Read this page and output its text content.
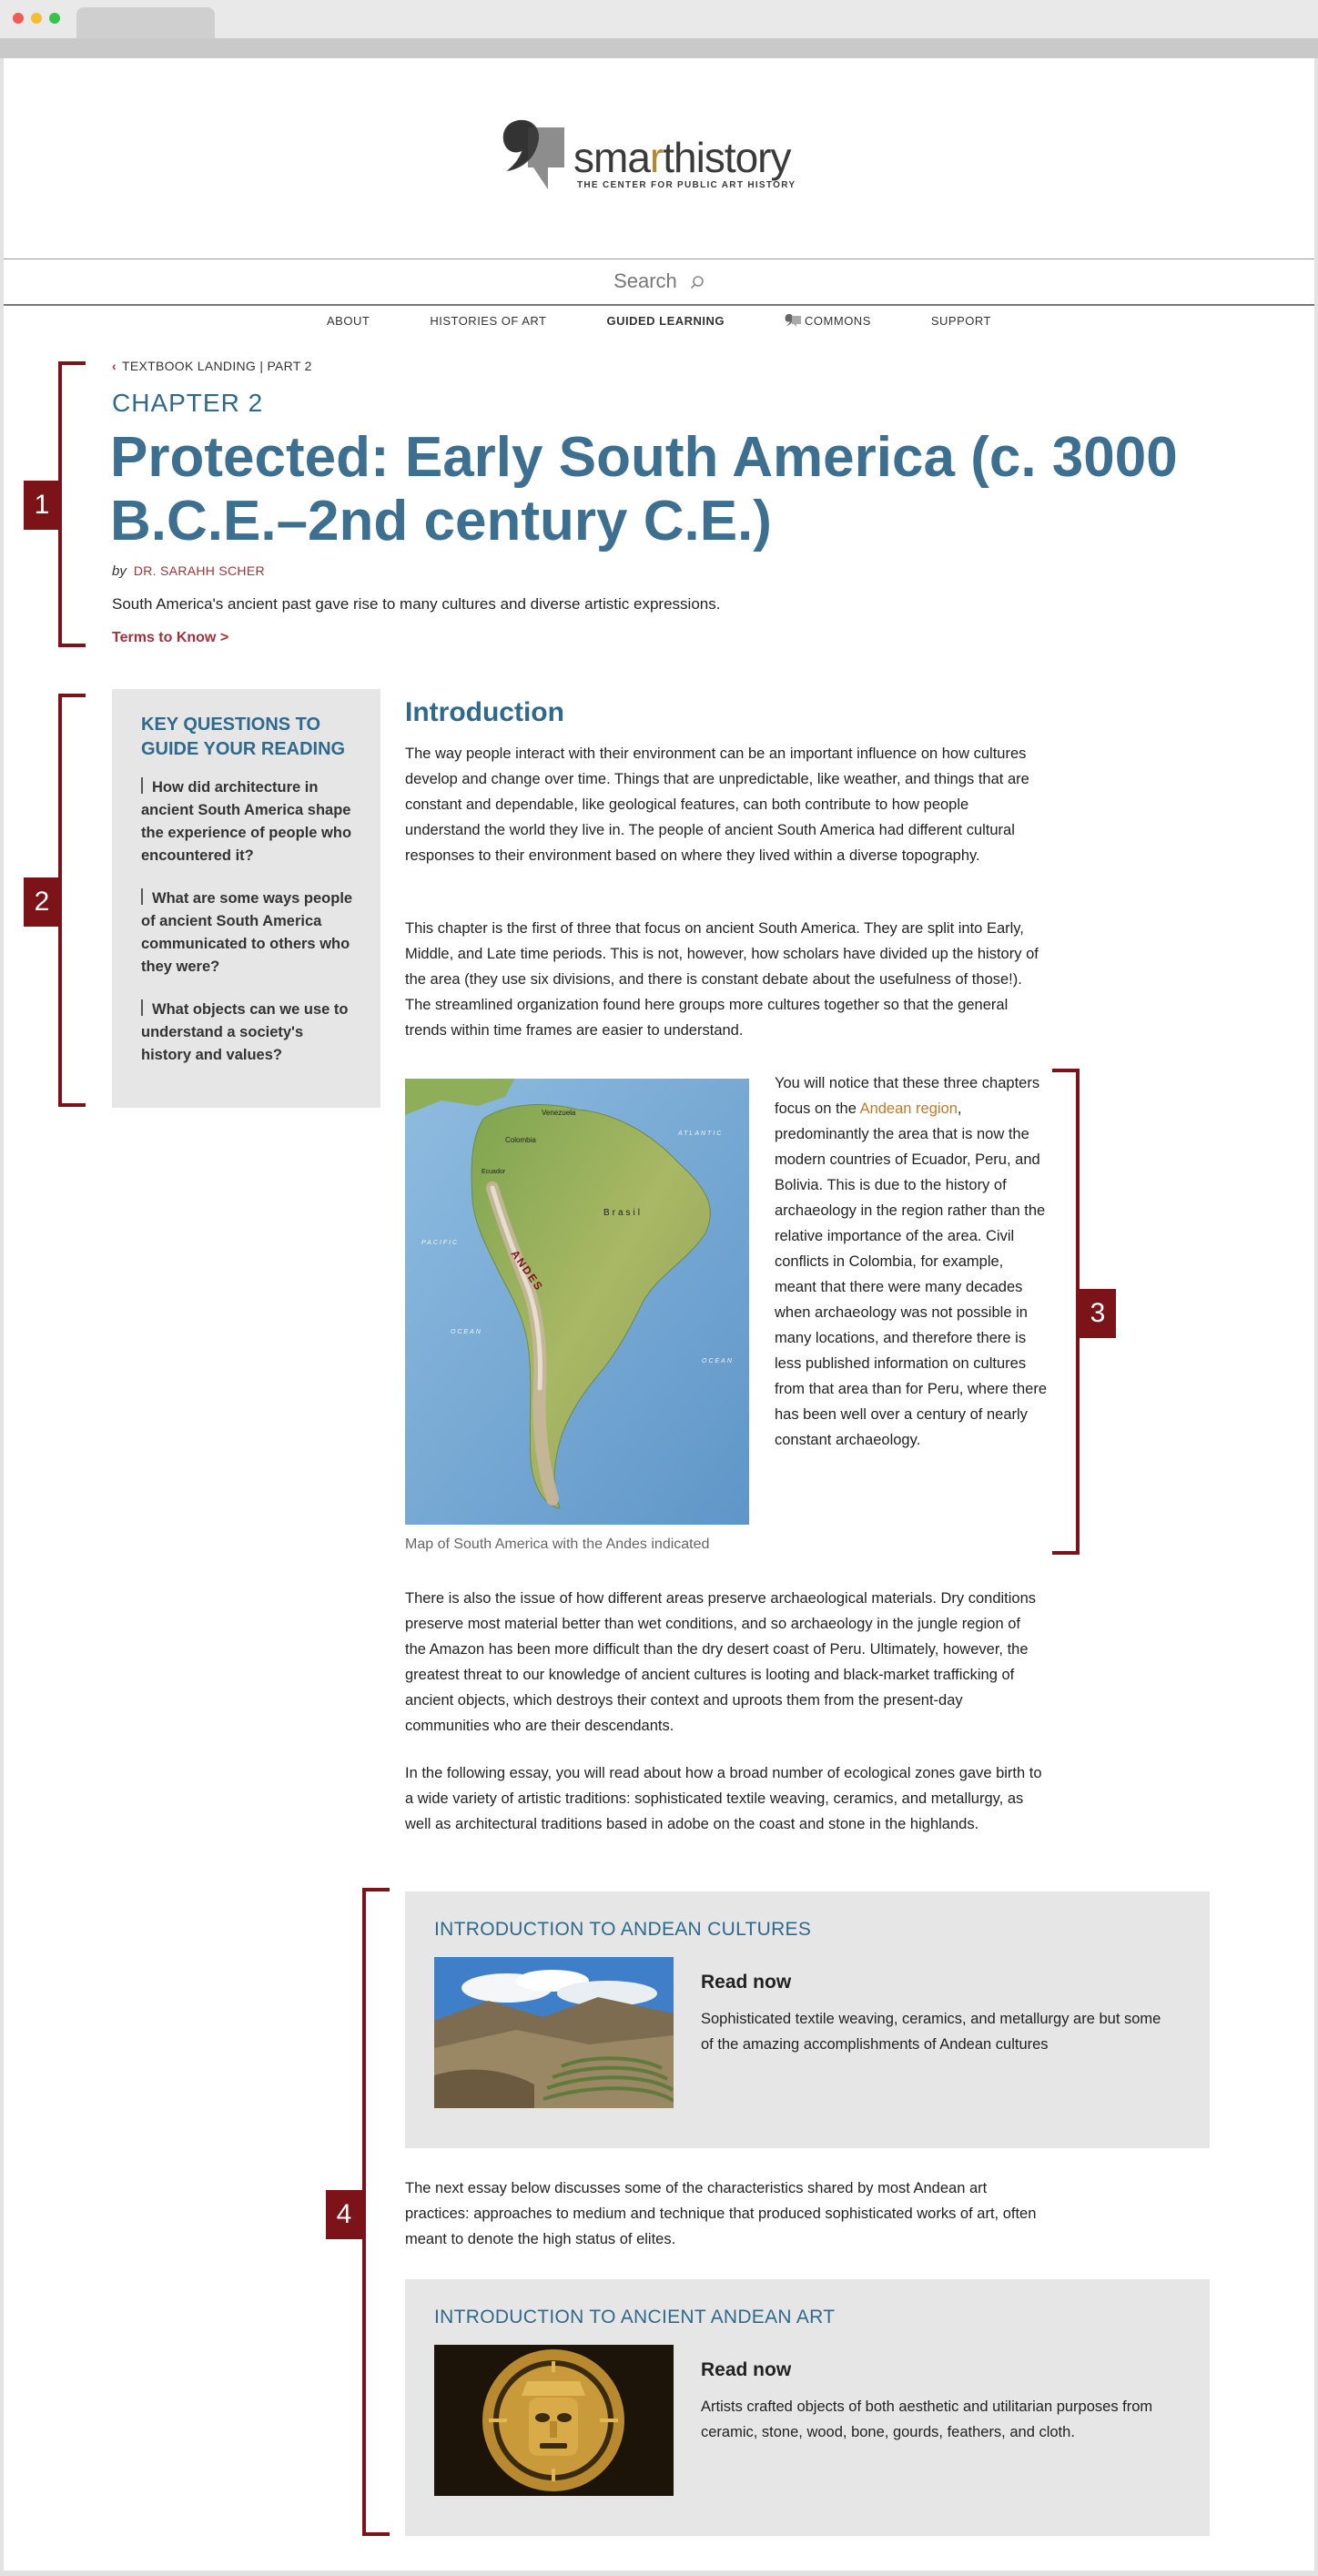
smarthistory
THE CENTER FOR PUBLIC ART HISTORY
Search
ABOUT	HISTORIES OF ART	GUIDED LEARNING	COMMONS	SUPPORT
1
‹ TEXTBOOK LANDING | PART 2
CHAPTER 2
Protected: Early South America (c. 3000 B.C.E.–2nd century C.E.)
by DR. SARAHH SCHER

South America's ancient past gave rise to many cultures and diverse artistic expressions.

Terms to Know >
2
KEY QUESTIONS TO GUIDE YOUR READING
How did architecture in ancient South America shape the experience of people who encountered it?
What are some ways people of ancient South America communicated to others who they were?
What objects can we use to understand a society's history and values?
Introduction

The way people interact with their environment can be an important influence on how cultures develop and change over time. Things that are unpredictable, like weather, and things that are constant and dependable, like geological features, can both contribute to how people understand the world they live in. The people of ancient South America had different cultural responses to their environment based on where they lived within a diverse topography.

This chapter is the first of three that focus on ancient South America. They are split into Early, Middle, and Late time periods. This is not, however, how scholars have divided up the history of the area (they use six divisions, and there is constant debate about the usefulness of those!). The streamlined organization found here groups more cultures together so that the general trends within time frames are easier to understand.

Venezuela
Colombia
Ecuador
Brasil
ANDES
ATLANTIC
PACIFIC
OCEAN
OCEAN
Map of South America with the Andes indicated

You will notice that these three chapters focus on the Andean region, predominantly the area that is now the modern countries of Ecuador, Peru, and Bolivia. This is due to the history of archaeology in the region rather than the relative importance of the area. Civil conflicts in Colombia, for example, meant that there were many decades when archaeology was not possible in many locations, and therefore there is less published information on cultures from that area than for Peru, where there has been well over a century of nearly constant archaeology.

3

There is also the issue of how different areas preserve archaeological materials. Dry conditions preserve most material better than wet conditions, and so archaeology in the jungle region of the Amazon has been more difficult than the dry desert coast of Peru. Ultimately, however, the greatest threat to our knowledge of ancient cultures is looting and black-market trafficking of ancient objects, which destroys their context and uproots them from the present-day communities who are their descendants.

In the following essay, you will read about how a broad number of ecological zones gave birth to a wide variety of artistic traditions: sophisticated textile weaving, ceramics, and metallurgy, as well as architectural traditions based in adobe on the coast and stone in the highlands.

4
INTRODUCTION TO ANDEAN CULTURES
Read now
Sophisticated textile weaving, ceramics, and metallurgy are but some of the amazing accomplishments of Andean cultures

The next essay below discusses some of the characteristics shared by most Andean art practices: approaches to medium and technique that produced sophisticated works of art, often meant to denote the high status of elites.

INTRODUCTION TO ANCIENT ANDEAN ART
Read now
Artists crafted objects of both aesthetic and utilitarian purposes from ceramic, stone, wood, bone, gourds, feathers, and cloth.
